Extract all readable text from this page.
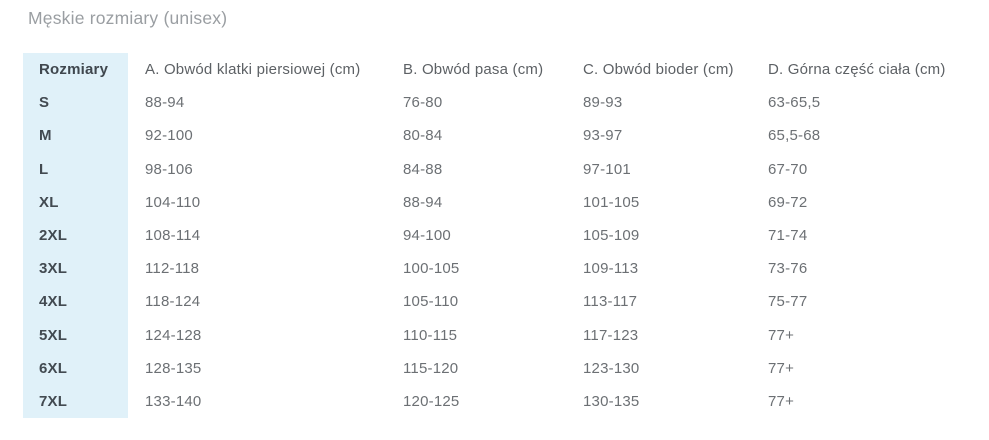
Męskie rozmiary (unisex)
Rozmiary	A. Obwód klatki piersiowej (cm)	B. Obwód pasa (cm)	C. Obwód bioder (cm)	D. Górna część ciała (cm)
S	88-94	76-80	89-93	63-65,5
M	92-100	80-84	93-97	65,5-68
L	98-106	84-88	97-101	67-70
XL	104-110	88-94	101-105	69-72
2XL	108-114	94-100	105-109	71-74
3XL	112-118	100-105	109-113	73-76
4XL	118-124	105-110	113-117	75-77
5XL	124-128	110-115	117-123	77+
6XL	128-135	115-120	123-130	77+
7XL	133-140	120-125	130-135	77+
